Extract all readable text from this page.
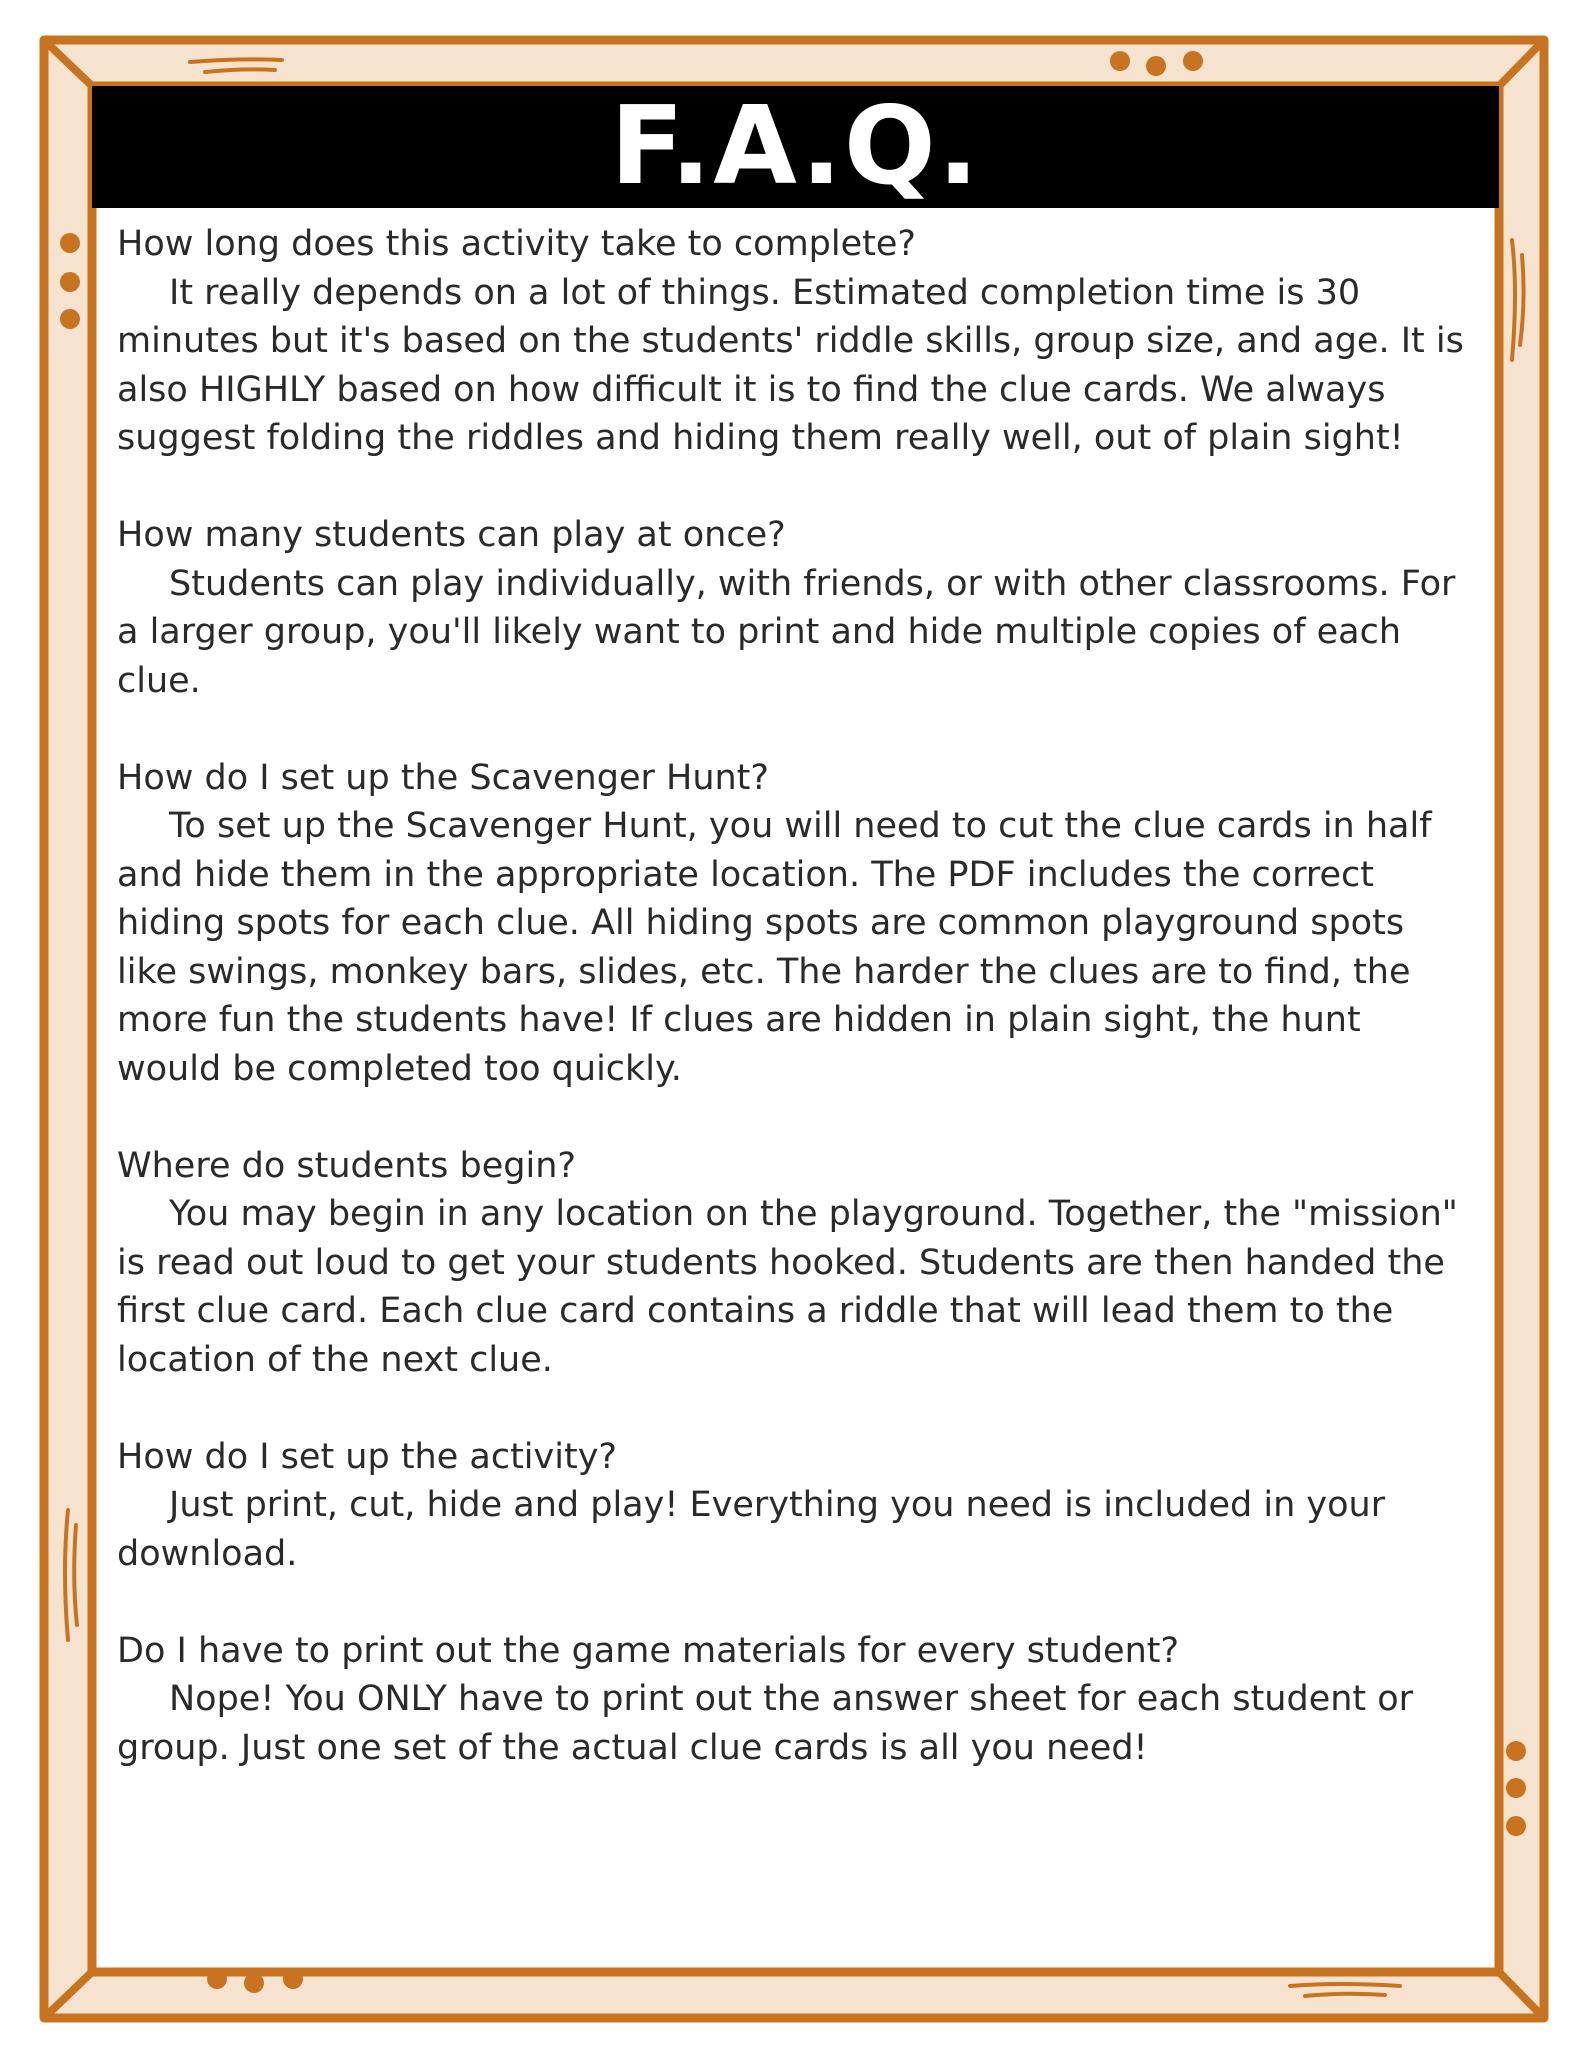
F.A.Q.

How long does this activity take to complete?

It really depends on a lot of things. Estimated completion time is 30 minutes but it's based on the students' riddle skills, group size, and age. It is also HIGHLY based on how difficult it is to find the clue cards. We always suggest folding the riddles and hiding them really well, out of plain sight!

How many students can play at once?

Students can play individually, with friends, or with other classrooms. For a larger group, you'll likely want to print and hide multiple copies of each clue.

How do I set up the Scavenger Hunt?

To set up the Scavenger Hunt, you will need to cut the clue cards in half and hide them in the appropriate location. The PDF includes the correct hiding spots for each clue. All hiding spots are common playground spots like swings, monkey bars, slides, etc. The harder the clues are to find, the more fun the students have! If clues are hidden in plain sight, the hunt would be completed too quickly.

Where do students begin?

You may begin in any location on the playground. Together, the "mission" is read out loud to get your students hooked. Students are then handed the first clue card. Each clue card contains a riddle that will lead them to the location of the next clue.

How do I set up the activity?

Just print, cut, hide and play! Everything you need is included in your download.

Do I have to print out the game materials for every student?

Nope! You ONLY have to print out the answer sheet for each student or group. Just one set of the actual clue cards is all you need!
